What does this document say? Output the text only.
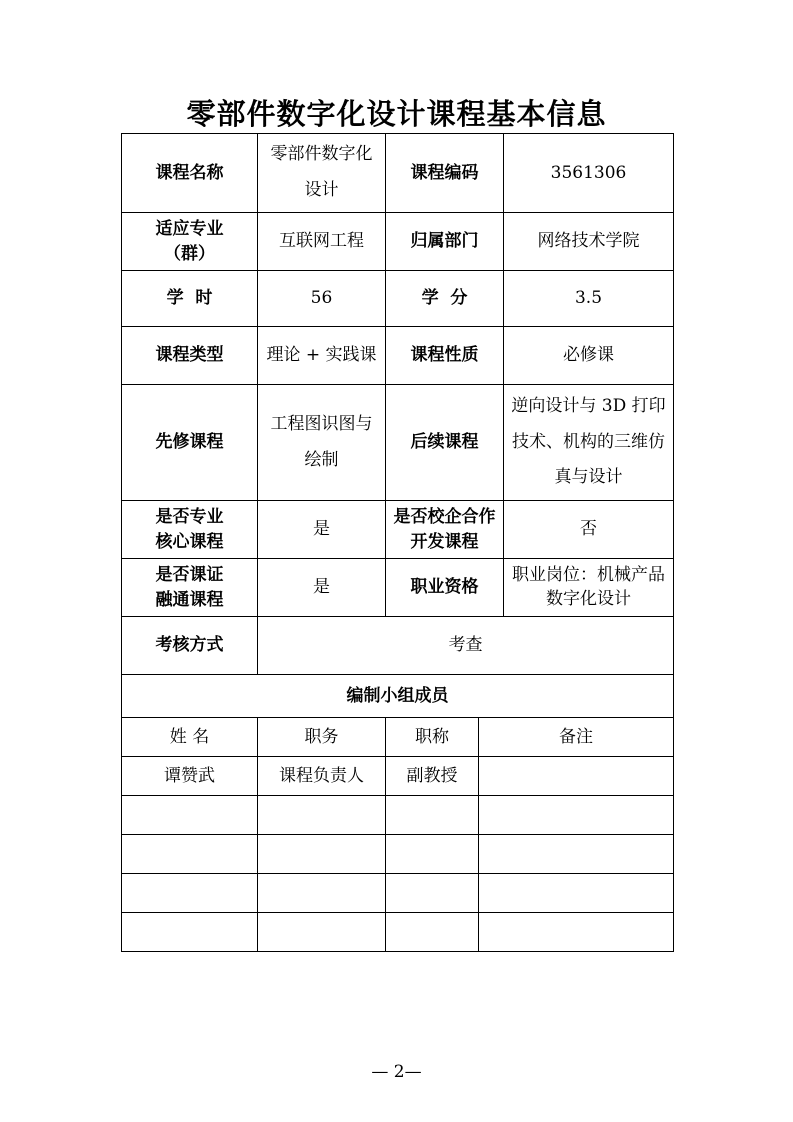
零部件数字化设计课程基本信息
课程名称	零部件数字化设计	课程编码		3561306
适应专业（群）	互联网工程	归属部门		网络技术学院
学  时	56	学  分		3.5
课程类型	理论 + 实践课	课程性质		必修课
先修课程	工程图识图与绘制	后续课程		逆向设计与 3D 打印技术、机构的三维仿真与设计
是否专业核心课程	是	是否校企合作开发课程		否
是否课证融通课程	是	职业资格		职业岗位：机械产品数字化设计
考核方式	考查			
编制小组成员				
姓 名	职务	职称	备注	
谭赞武	课程负责人	副教授		

— 2—
